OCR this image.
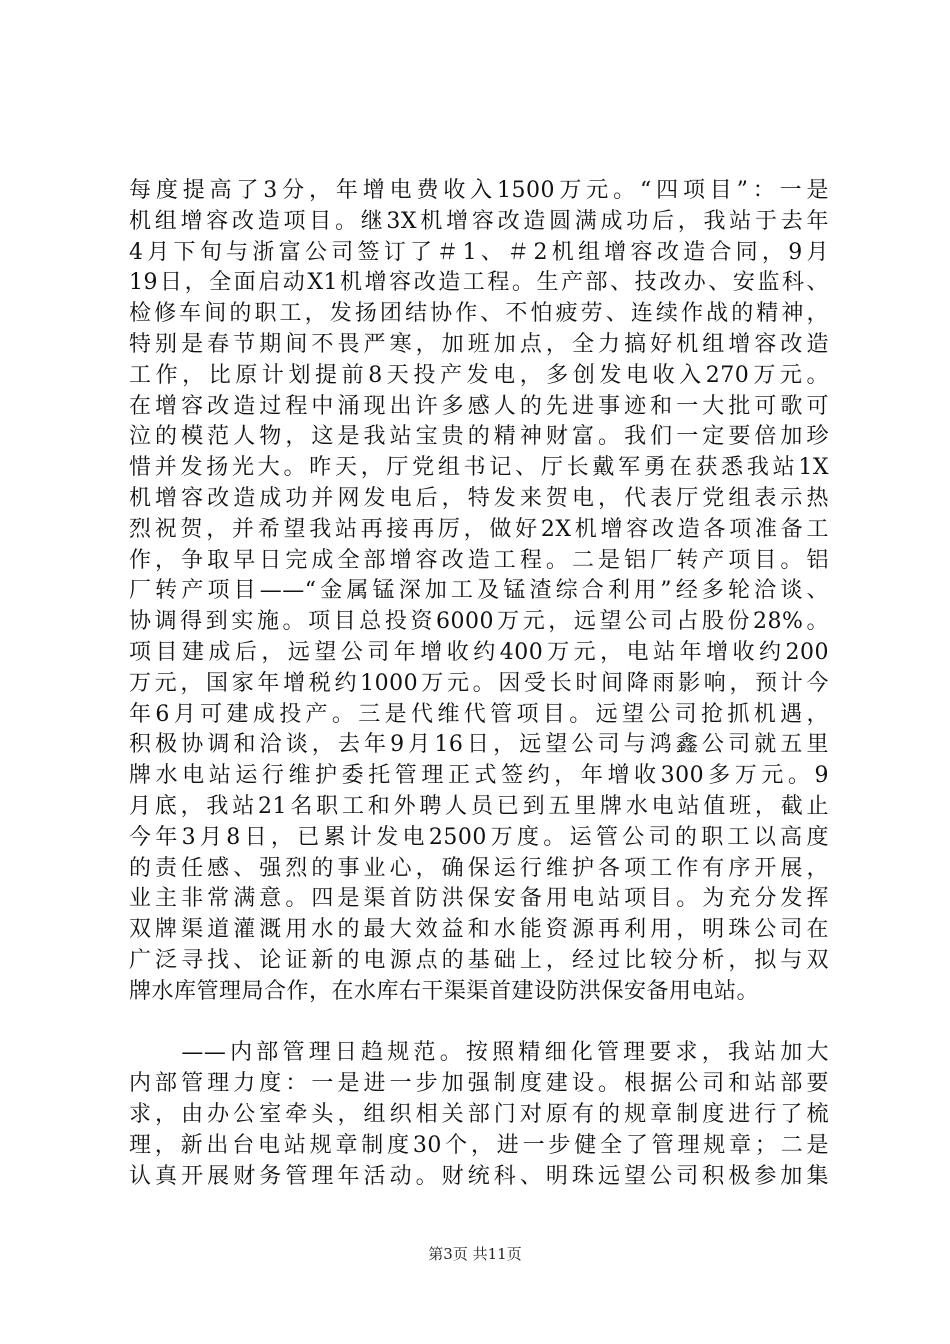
每度提高了3分，年增电费收入1500万元。“四项目”：一是
机组增容改造项目。继3X机增容改造圆满成功后，我站于去年
4月下旬与浙富公司签订了＃1、＃2机组增容改造合同，9月
19日，全面启动X1机增容改造工程。生产部、技改办、安监科、
检修车间的职工，发扬团结协作、不怕疲劳、连续作战的精神，
特别是春节期间不畏严寒，加班加点，全力搞好机组增容改造
工作，比原计划提前8天投产发电，多创发电收入270万元。
在增容改造过程中涌现出许多感人的先进事迹和一大批可歌可
泣的模范人物，这是我站宝贵的精神财富。我们一定要倍加珍
惜并发扬光大。昨天，厅党组书记、厅长戴军勇在获悉我站1X
机增容改造成功并网发电后，特发来贺电，代表厅党组表示热
烈祝贺，并希望我站再接再厉，做好2X机增容改造各项准备工
作，争取早日完成全部增容改造工程。二是铝厂转产项目。铝
厂转产项目——“金属锰深加工及锰渣综合利用”经多轮洽谈、
协调得到实施。项目总投资6000万元，远望公司占股份28%。
项目建成后，远望公司年增收约400万元，电站年增收约200
万元，国家年增税约1000万元。因受长时间降雨影响，预计今
年6月可建成投产。三是代维代管项目。远望公司抢抓机遇，
积极协调和洽谈，去年9月16日，远望公司与鸿鑫公司就五里
牌水电站运行维护委托管理正式签约，年增收300多万元。9
月底，我站21名职工和外聘人员已到五里牌水电站值班，截止
今年3月8日，已累计发电2500万度。运管公司的职工以高度
的责任感、强烈的事业心，确保运行维护各项工作有序开展，
业主非常满意。四是渠首防洪保安备用电站项目。为充分发挥
双牌渠道灌溉用水的最大效益和水能资源再利用，明珠公司在
广泛寻找、论证新的电源点的基础上，经过比较分析，拟与双
牌水库管理局合作，在水库右干渠渠首建设防洪保安备用电站。
　　——内部管理日趋规范。按照精细化管理要求，我站加大
内部管理力度：一是进一步加强制度建设。根据公司和站部要
求，由办公室牵头，组织相关部门对原有的规章制度进行了梳
理，新出台电站规章制度30个，进一步健全了管理规章；二是
认真开展财务管理年活动。财统科、明珠远望公司积极参加集
第3页 共11页
